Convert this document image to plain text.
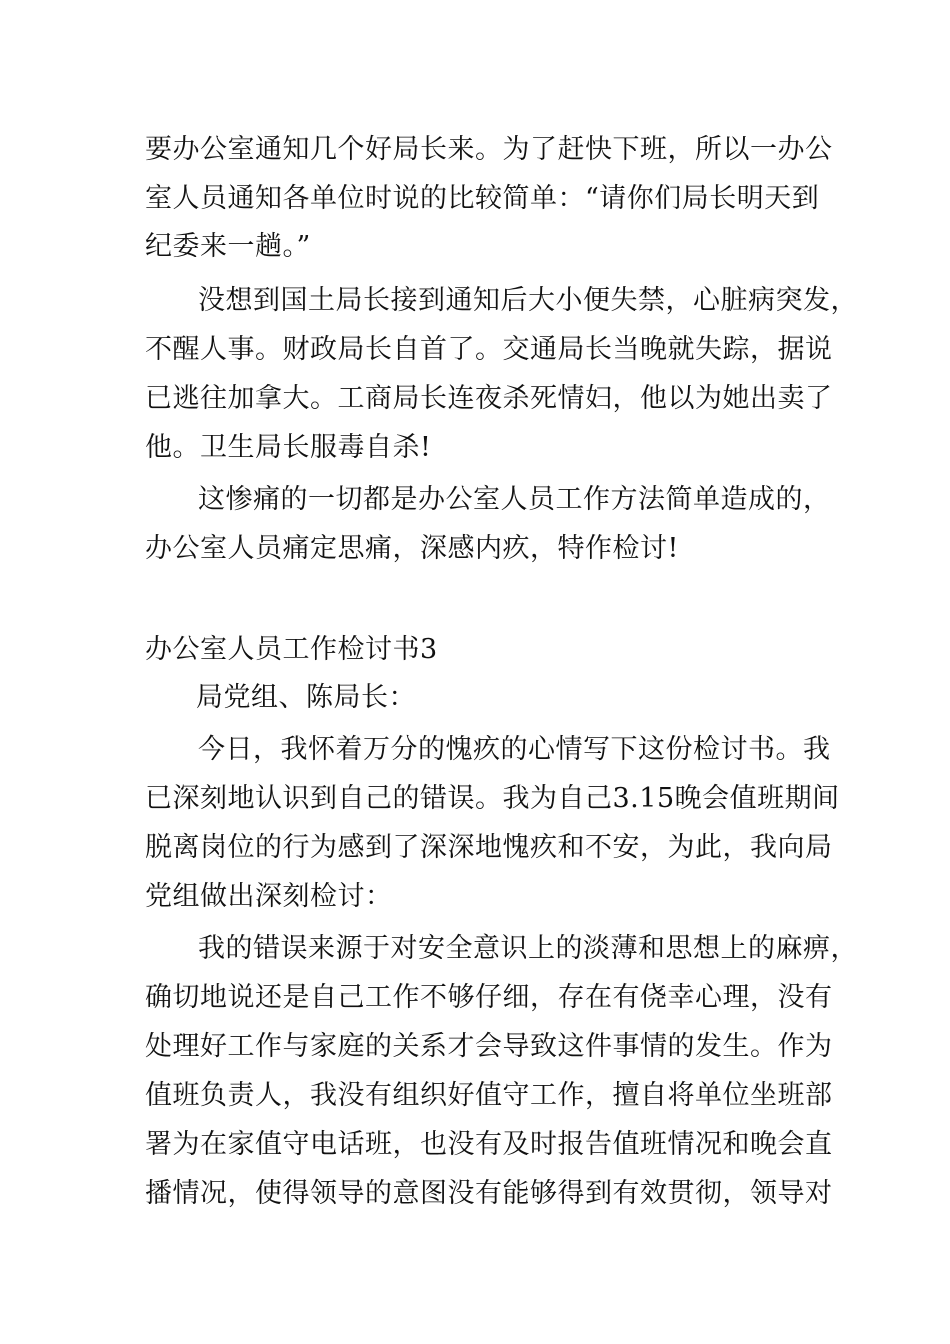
要办公室通知几个好局长来。为了赶快下班，所以一办公
室人员通知各单位时说的比较简单：“请你们局长明天到
纪委来一趟。”
没想到国土局长接到通知后大小便失禁，心脏病突发，
不醒人事。财政局长自首了。交通局长当晚就失踪，据说
已逃往加拿大。工商局长连夜杀死情妇，他以为她出卖了
他。卫生局长服毒自杀!
这惨痛的一切都是办公室人员工作方法简单造成的，
办公室人员痛定思痛，深感内疚，特作检讨!
办公室人员工作检讨书3
局党组、陈局长：
今日，我怀着万分的愧疚的心情写下这份检讨书。我
已深刻地认识到自己的错误。我为自己3.15晚会值班期间
脱离岗位的行为感到了深深地愧疚和不安，为此，我向局
党组做出深刻检讨：
我的错误来源于对安全意识上的淡薄和思想上的麻痹，
确切地说还是自己工作不够仔细，存在有侥幸心理，没有
处理好工作与家庭的关系才会导致这件事情的发生。作为
值班负责人，我没有组织好值守工作，擅自将单位坐班部
署为在家值守电话班，也没有及时报告值班情况和晚会直
播情况，使得领导的意图没有能够得到有效贯彻，领导对
